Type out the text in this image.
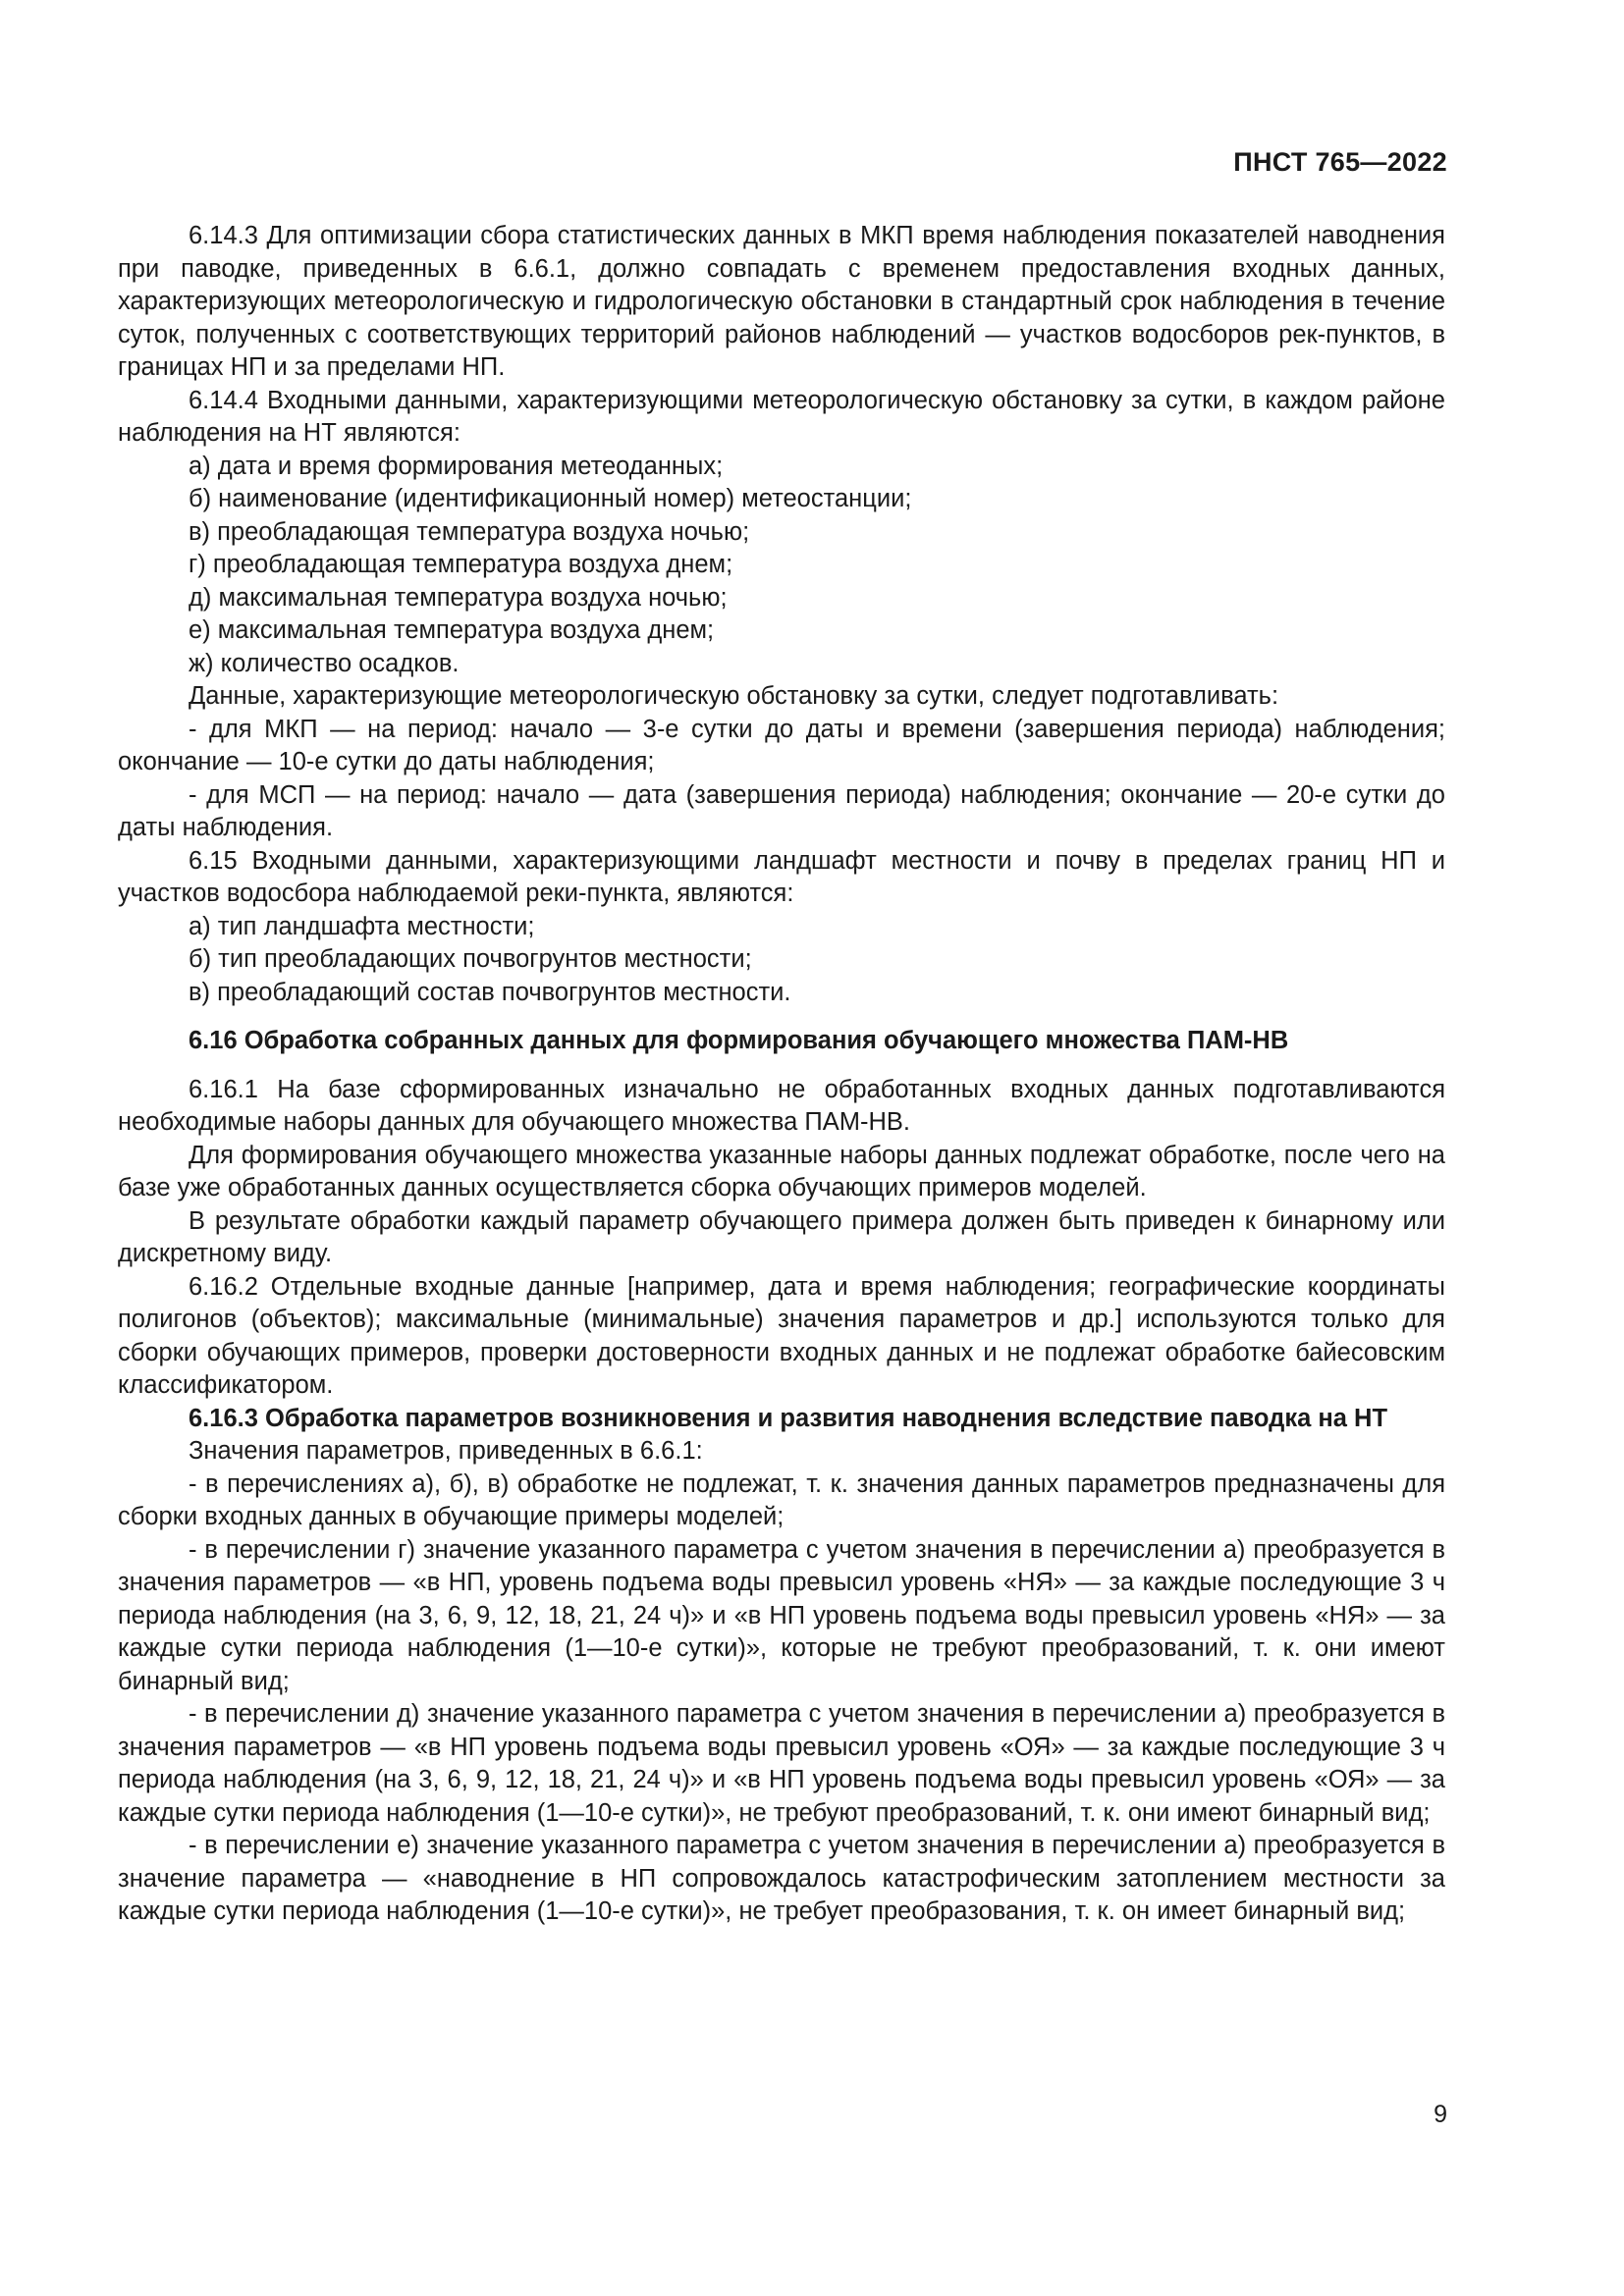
ПНСТ 765—2022

6.14.3 Для оптимизации сбора статистических данных в МКП время наблюдения показателей наводнения при паводке, приведенных в 6.6.1, должно совпадать с временем предоставления входных данных, характеризующих метеорологическую и гидрологическую обстановки в стандартный срок наблюдения в течение суток, полученных с соответствующих территорий районов наблюдений — участков водосборов рек-пунктов, в границах НП и за пределами НП.

6.14.4 Входными данными, характеризующими метеорологическую обстановку за сутки, в каждом районе наблюдения на НТ являются:

а) дата и время формирования метеоданных;

б) наименование (идентификационный номер) метеостанции;

в) преобладающая температура воздуха ночью;

г) преобладающая температура воздуха днем;

д) максимальная температура воздуха ночью;

е) максимальная температура воздуха днем;

ж) количество осадков.

Данные, характеризующие метеорологическую обстановку за сутки, следует подготавливать:

- для МКП — на период: начало — 3-е сутки до даты и времени (завершения периода) наблюдения; окончание — 10-е сутки до даты наблюдения;

- для МСП — на период: начало — дата (завершения периода) наблюдения; окончание — 20-е сутки до даты наблюдения.

6.15 Входными данными, характеризующими ландшафт местности и почву в пределах границ НП и участков водосбора наблюдаемой реки-пункта, являются:

а) тип ландшафта местности;

б) тип преобладающих почвогрунтов местности;

в) преобладающий состав почвогрунтов местности.

6.16 Обработка собранных данных для формирования обучающего множества ПАМ-НВ

6.16.1 На базе сформированных изначально не обработанных входных данных подготавливаются необходимые наборы данных для обучающего множества ПАМ-НВ.

Для формирования обучающего множества указанные наборы данных подлежат обработке, после чего на базе уже обработанных данных осуществляется сборка обучающих примеров моделей.

В результате обработки каждый параметр обучающего примера должен быть приведен к бинарному или дискретному виду.

6.16.2 Отдельные входные данные [например, дата и время наблюдения; географические координаты полигонов (объектов); максимальные (минимальные) значения параметров и др.] используются только для сборки обучающих примеров, проверки достоверности входных данных и не подлежат обработке байесовским классификатором.

6.16.3 Обработка параметров возникновения и развития наводнения вследствие паводка на НТ

Значения параметров, приведенных в 6.6.1:

- в перечислениях а), б), в) обработке не подлежат, т. к. значения данных параметров предназначены для сборки входных данных в обучающие примеры моделей;

- в перечислении г) значение указанного параметра с учетом значения в перечислении а) преобразуется в значения параметров — «в НП, уровень подъема воды превысил уровень «НЯ» — за каждые последующие 3 ч периода наблюдения (на 3, 6, 9, 12, 18, 21, 24 ч)» и «в НП уровень подъема воды превысил уровень «НЯ» — за каждые сутки периода наблюдения (1—10-е сутки)», которые не требуют преобразований, т. к. они имеют бинарный вид;

- в перечислении д) значение указанного параметра с учетом значения в перечислении а) преобразуется в значения параметров — «в НП уровень подъема воды превысил уровень «ОЯ» — за каждые последующие 3 ч периода наблюдения (на 3, 6, 9, 12, 18, 21, 24 ч)» и «в НП уровень подъема воды превысил уровень «ОЯ» — за каждые сутки периода наблюдения (1—10-е сутки)», не требуют преобразований, т. к. они имеют бинарный вид;

- в перечислении е) значение указанного параметра с учетом значения в перечислении а) преобразуется в значение параметра — «наводнение в НП сопровождалось катастрофическим затоплением местности за каждые сутки периода наблюдения (1—10-е сутки)», не требует преобразования, т. к. он имеет бинарный вид;

9
